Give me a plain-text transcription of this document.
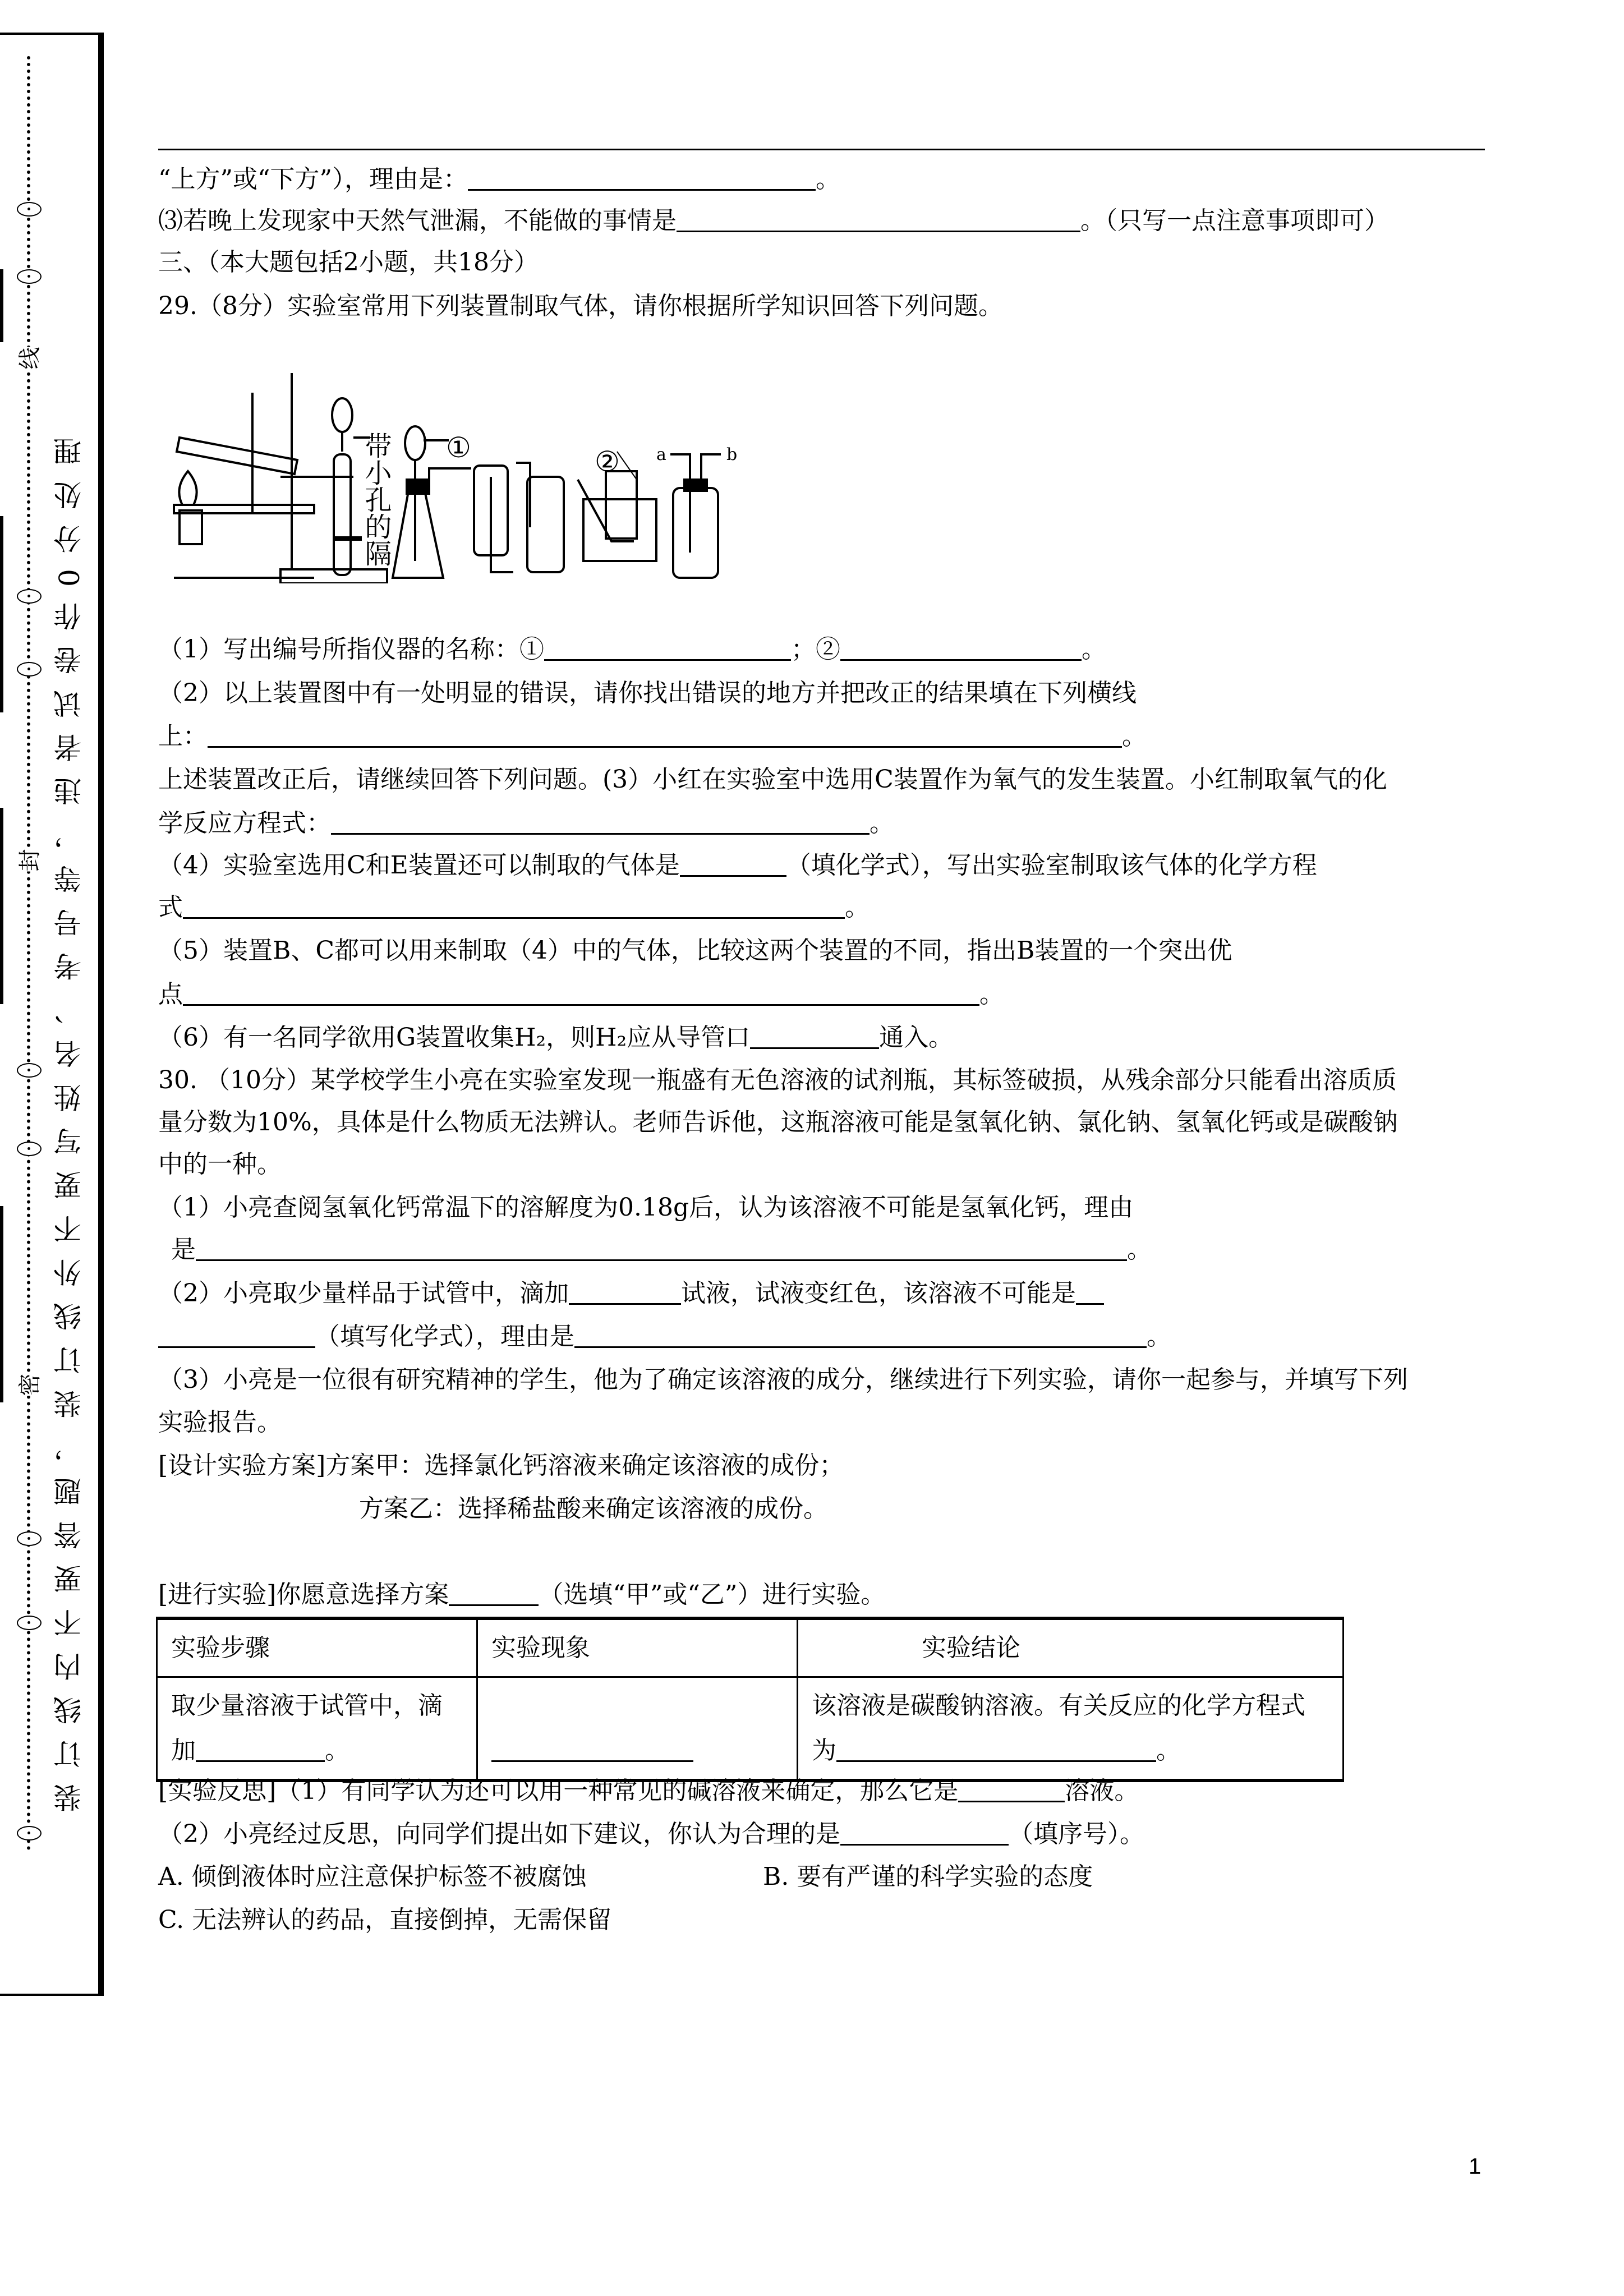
线
封
密 装订线内不要答题，装订线外不要写姓名、考号等，违者试卷作0分处理
“上方”或“下方”），理由是：	。
⑶若晚上发现家中天然气泄漏，不能做的事情是	。（只写一点注意事项即可）
三、（本大题包括2小题，共18分）
29.（8分）实验室常用下列装置制取气体，请你根据所学知识回答下列问题。
带小孔的隔 ①	② a	b
（1）写出编号所指仪器的名称：①	；②	。
（2）以上装置图中有一处明显的错误，请你找出错误的地方并把改正的结果填在下列横线
上：	。
上述装置改正后，请继续回答下列问题。(3）小红在实验室中选用C装置作为氧气的发生装置。小红制取氧气的化
学反应方程式：	。
（4）实验室选用C和E装置还可以制取的气体是	（填化学式），写出实验室制取该气体的化学方程
式	。
（5）装置B、C都可以用来制取（4）中的气体，比较这两个装置的不同，指出B装置的一个突出优
点	。
（6）有一名同学欲用G装置收集H₂，则H₂应从导管口	通入。
30. （10分）某学校学生小亮在实验室发现一瓶盛有无色溶液的试剂瓶，其标签破损，从残余部分只能看出溶质质
量分数为10%，具体是什么物质无法辨认。老师告诉他，这瓶溶液可能是氢氧化钠、氯化钠、氢氧化钙或是碳酸钠
中的一种。
（1）小亮查阅氢氧化钙常温下的溶解度为0.18g后，认为该溶液不可能是氢氧化钙，理由
是	。
（2）小亮取少量样品于试管中，滴加	试液，试液变红色，该溶液不可能是
（填写化学式），理由是	。
（3）小亮是一位很有研究精神的学生，他为了确定该溶液的成分，继续进行下列实验，请你一起参与，并填写下列
实验报告。
[设计实验方案]方案甲：选择氯化钙溶液来确定该溶液的成份；
方案乙：选择稀盐酸来确定该溶液的成份。
[进行实验]你愿意选择方案	（选填“甲”或“乙”）进行实验。
实验步骤	实验现象	实验结论
取少量溶液于试管中，滴
加 。		该溶液是碳酸钠溶液。有关反应的化学方程式
为 。
[实验反思]（1）有同学认为还可以用一种常见的碱溶液来确定，那么它是	溶液。
（2）小亮经过反思，向同学们提出如下建议，你认为合理的是	（填序号）。
A. 倾倒液体时应注意保护标签不被腐蚀	B. 要有严谨的科学实验的态度
C. 无法辨认的药品，直接倒掉，无需保留
1
